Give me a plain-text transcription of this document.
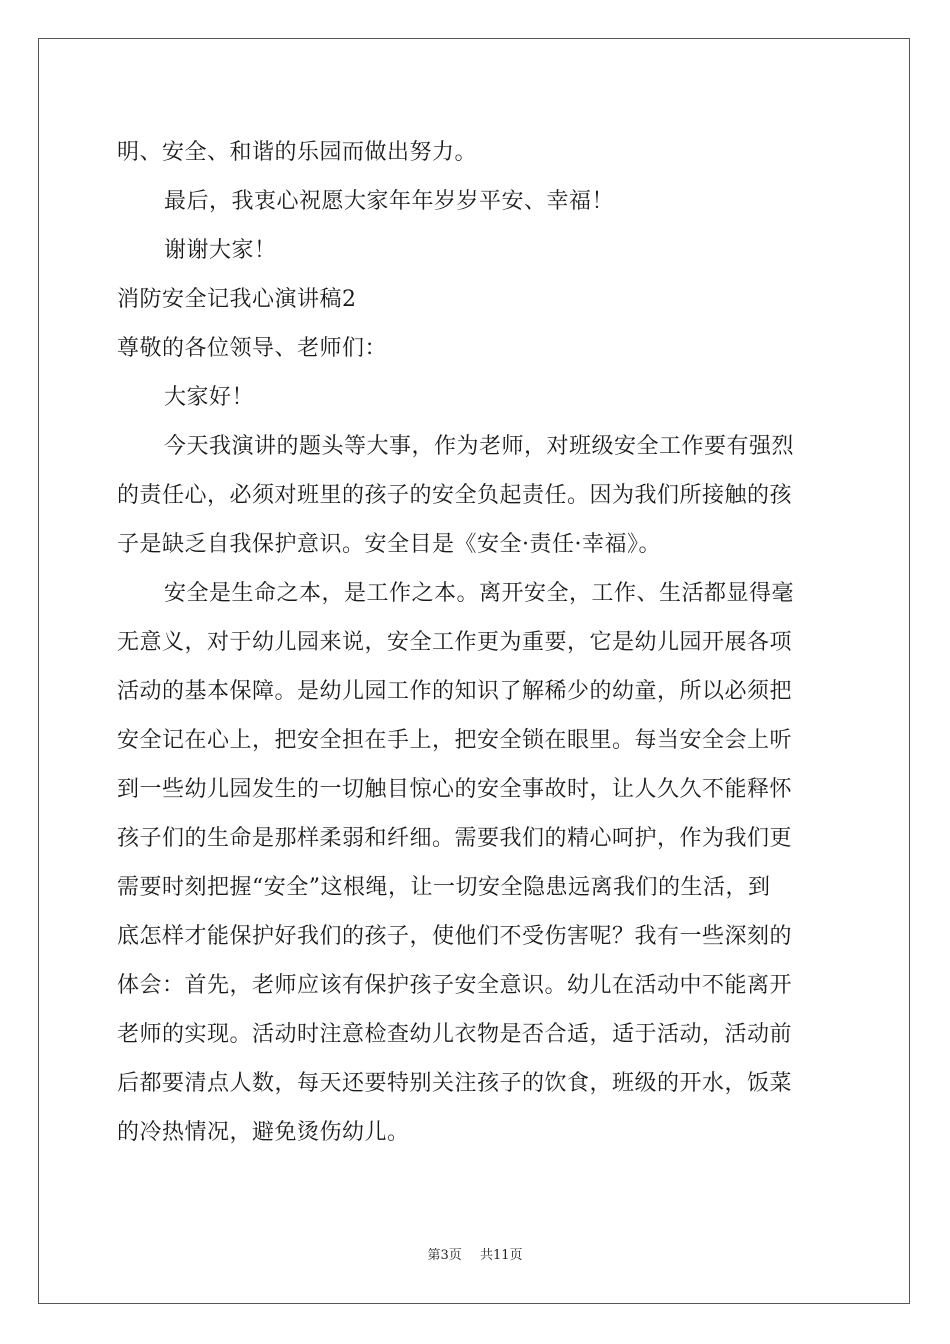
明、安全、和谐的乐园而做出努力。
最后，我衷心祝愿大家年年岁岁平安、幸福！
谢谢大家！
消防安全记我心演讲稿2
尊敬的各位领导、老师们：
大家好！
今天我演讲的题头等大事，作为老师，对班级安全工作要有强烈
的责任心，必须对班里的孩子的安全负起责任。因为我们所接触的孩
子是缺乏自我保护意识。安全目是《安全·责任·幸福》。
安全是生命之本，是工作之本。离开安全，工作、生活都显得毫
无意义，对于幼儿园来说，安全工作更为重要，它是幼儿园开展各项
活动的基本保障。是幼儿园工作的知识了解稀少的幼童，所以必须把
安全记在心上，把安全担在手上，把安全锁在眼里。每当安全会上听
到一些幼儿园发生的一切触目惊心的安全事故时，让人久久不能释怀
孩子们的生命是那样柔弱和纤细。需要我们的精心呵护，作为我们更
需要时刻把握“安全”这根绳，让一切安全隐患远离我们的生活，到
底怎样才能保护好我们的孩子，使他们不受伤害呢？我有一些深刻的
体会：首先，老师应该有保护孩子安全意识。幼儿在活动中不能离开
老师的实现。活动时注意检查幼儿衣物是否合适，适于活动，活动前
后都要清点人数，每天还要特别关注孩子的饮食，班级的开水，饭菜
的冷热情况，避免烫伤幼儿。
第3页 共11页
